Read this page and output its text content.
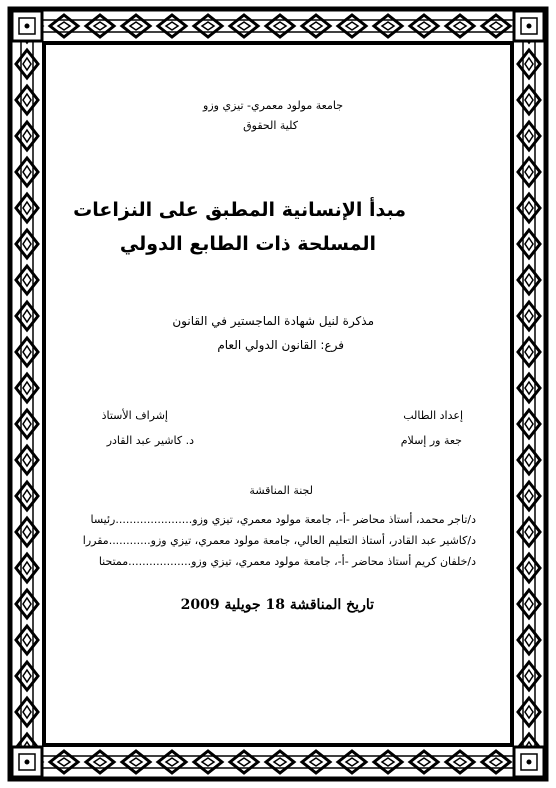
جامعة مولود معمري- تيزي وزو
كلية الحقوق
مبدأ الإنسانية المطبق على النزاعات
المسلحة ذات الطابع الدولي
مذكرة لنيل شهادة الماجستير في القانون
فرع: القانون الدولي العام
إعداد الطالب
جعة ور إسلام
إشراف الأستاذ
د. كاشير عبد القادر
لجنة المناقشة
د/تاجر محمد، أستاذ محاضر -أ-، جامعة مولود معمري، تيزي وزو......................رئيسا
د/كاشير عبد القادر، أستاذ التعليم العالي، جامعة مولود معمري، تيزي وزو............مقررا
د/خلفان كريم أستاذ محاضر -أ-، جامعة مولود معمري، تيزي وزو..................ممتحنا
تاريخ المناقشة 18 جويلية 2009
